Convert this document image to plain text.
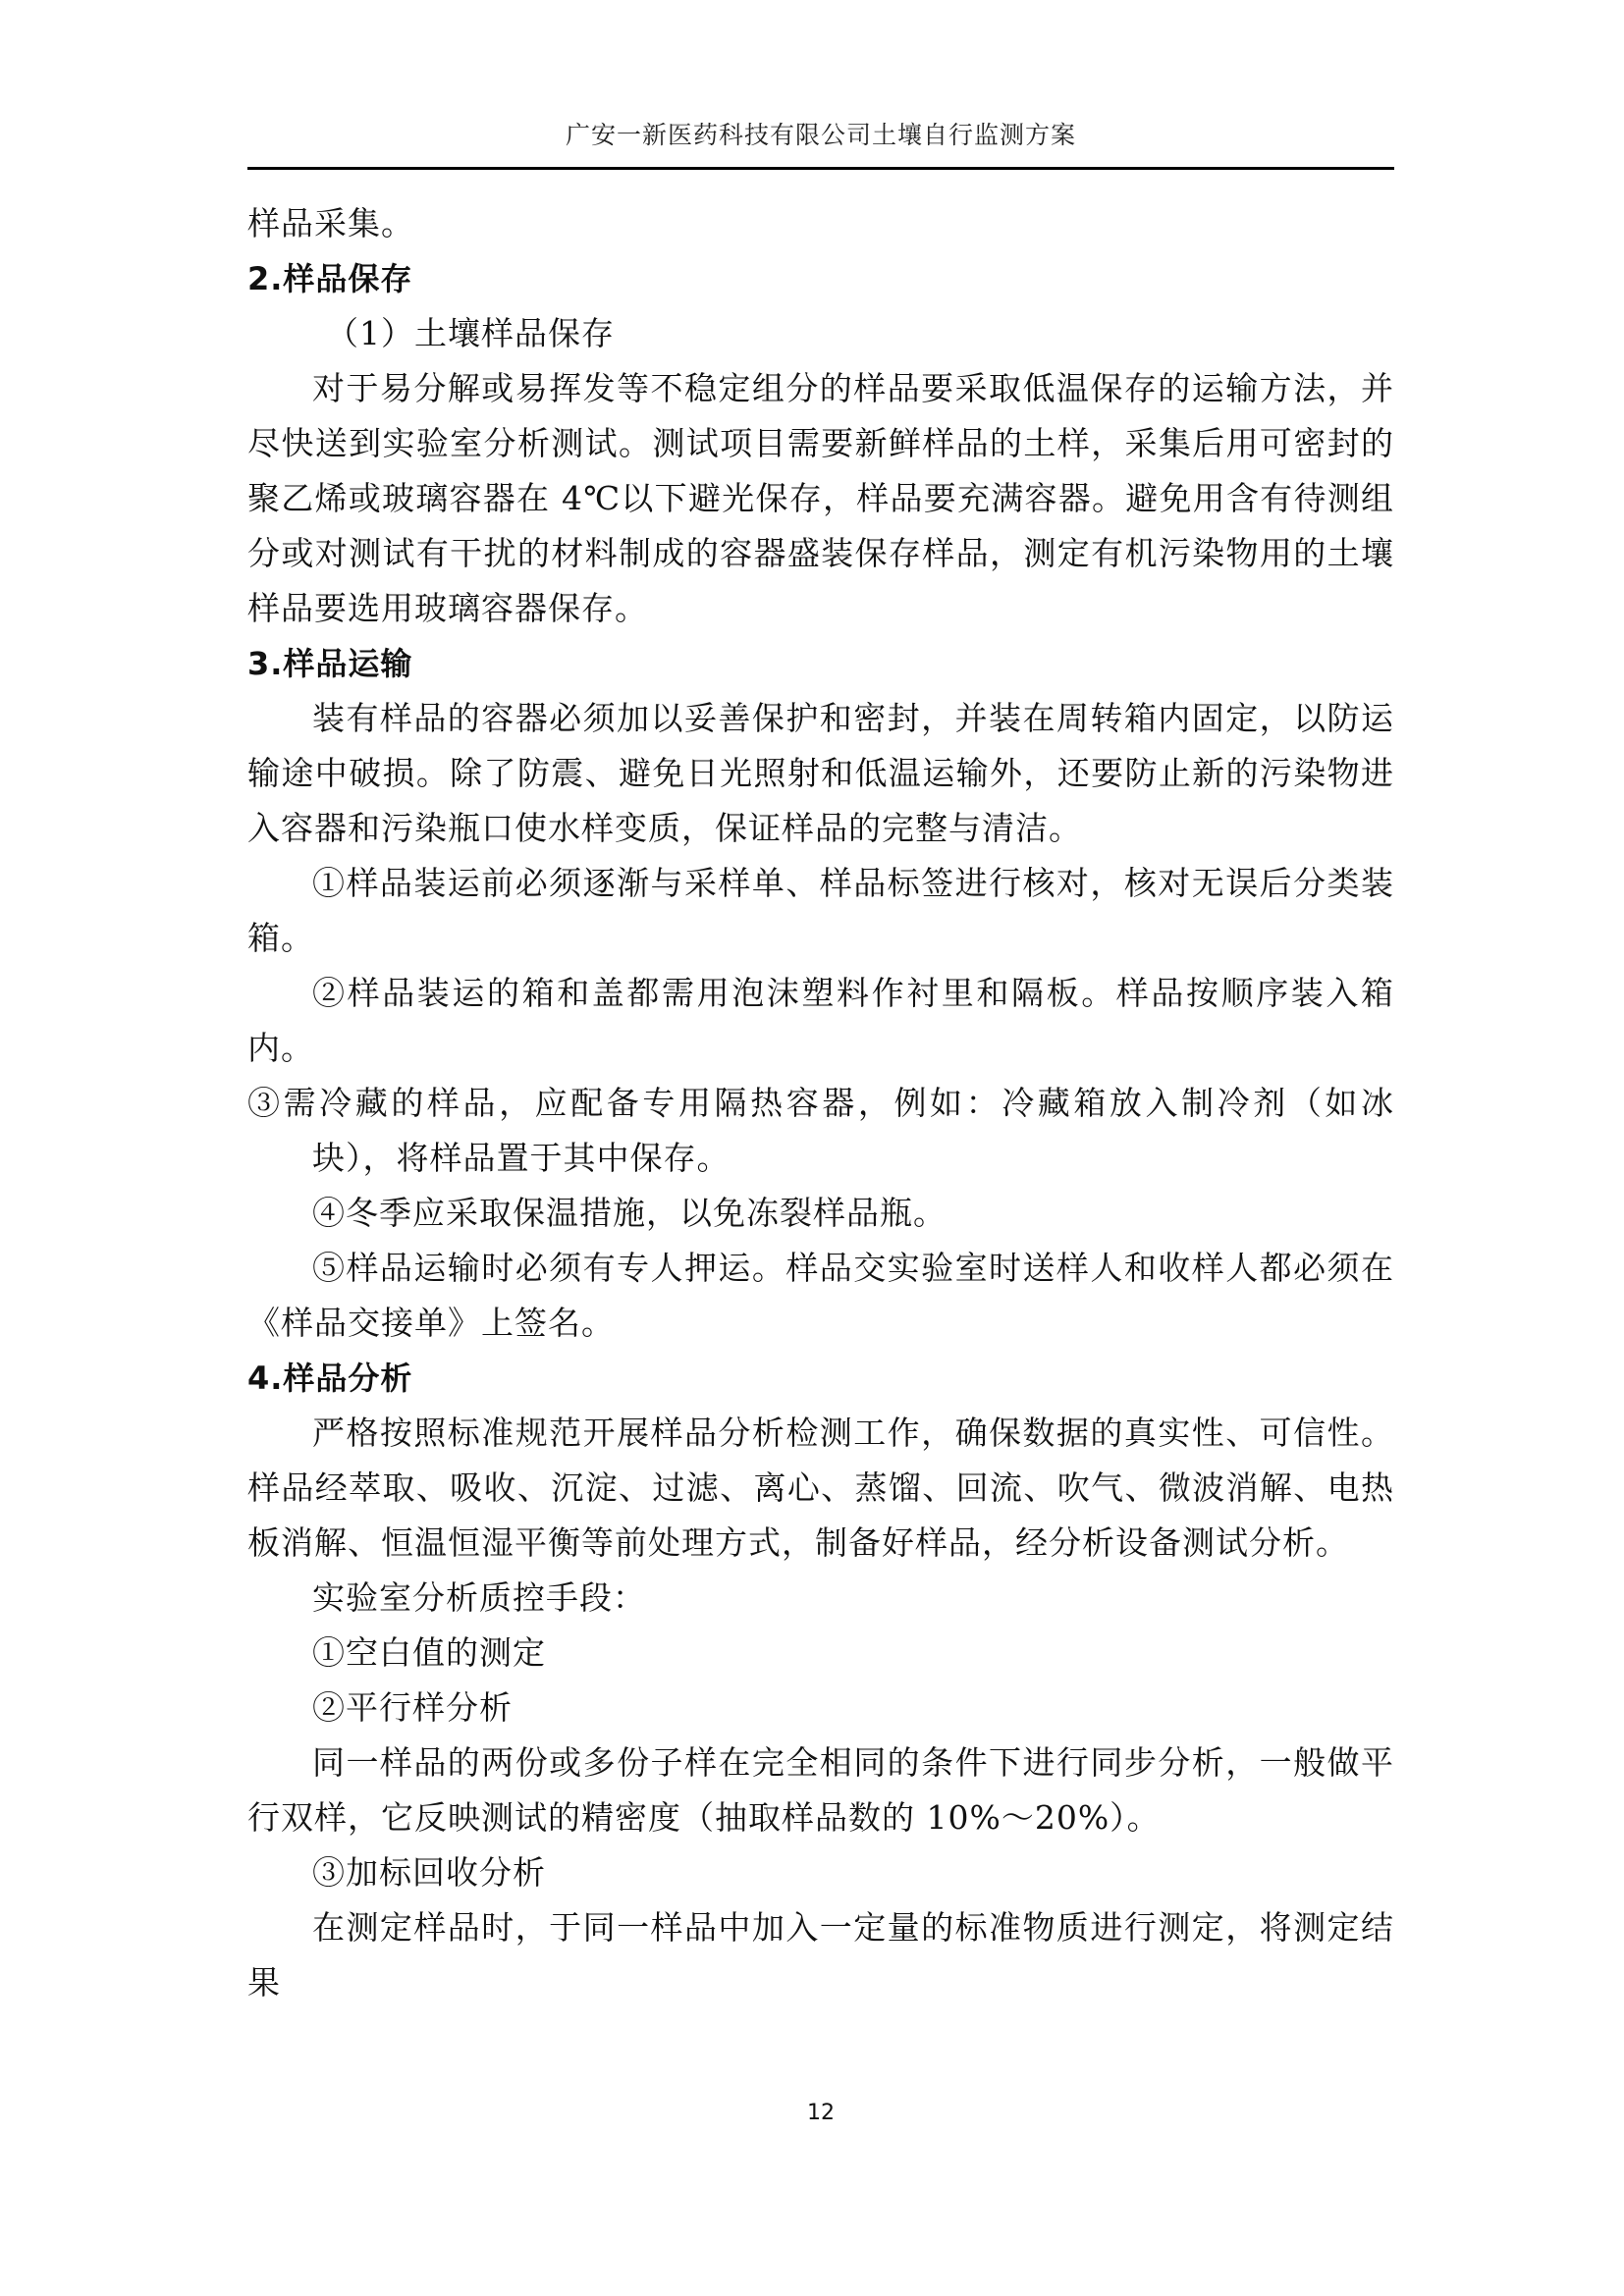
广安一新医药科技有限公司土壤自行监测方案

样品采集。

2.样品保存

（1）土壤样品保存

对于易分解或易挥发等不稳定组分的样品要采取低温保存的运输方法，并尽快送到实验室分析测试。测试项目需要新鲜样品的土样，采集后用可密封的聚乙烯或玻璃容器在 4℃以下避光保存，样品要充满容器。避免用含有待测组分或对测试有干扰的材料制成的容器盛装保存样品，测定有机污染物用的土壤样品要选用玻璃容器保存。

3.样品运输

装有样品的容器必须加以妥善保护和密封，并装在周转箱内固定，以防运输途中破损。除了防震、避免日光照射和低温运输外，还要防止新的污染物进入容器和污染瓶口使水样变质，保证样品的完整与清洁。

①样品装运前必须逐渐与采样单、样品标签进行核对，核对无误后分类装箱。

②样品装运的箱和盖都需用泡沫塑料作衬里和隔板。样品按顺序装入箱内。

③需冷藏的样品，应配备专用隔热容器，例如：冷藏箱放入制冷剂（如冰块），将样品置于其中保存。

④冬季应采取保温措施，以免冻裂样品瓶。

⑤样品运输时必须有专人押运。样品交实验室时送样人和收样人都必须在《样品交接单》上签名。

4.样品分析

严格按照标准规范开展样品分析检测工作，确保数据的真实性、可信性。样品经萃取、吸收、沉淀、过滤、离心、蒸馏、回流、吹气、微波消解、电热板消解、恒温恒湿平衡等前处理方式，制备好样品，经分析设备测试分析。

实验室分析质控手段：

①空白值的测定

②平行样分析

同一样品的两份或多份子样在完全相同的条件下进行同步分析，一般做平行双样，它反映测试的精密度（抽取样品数的 10%～20%）。

③加标回收分析

在测定样品时，于同一样品中加入一定量的标准物质进行测定，将测定结果

12
